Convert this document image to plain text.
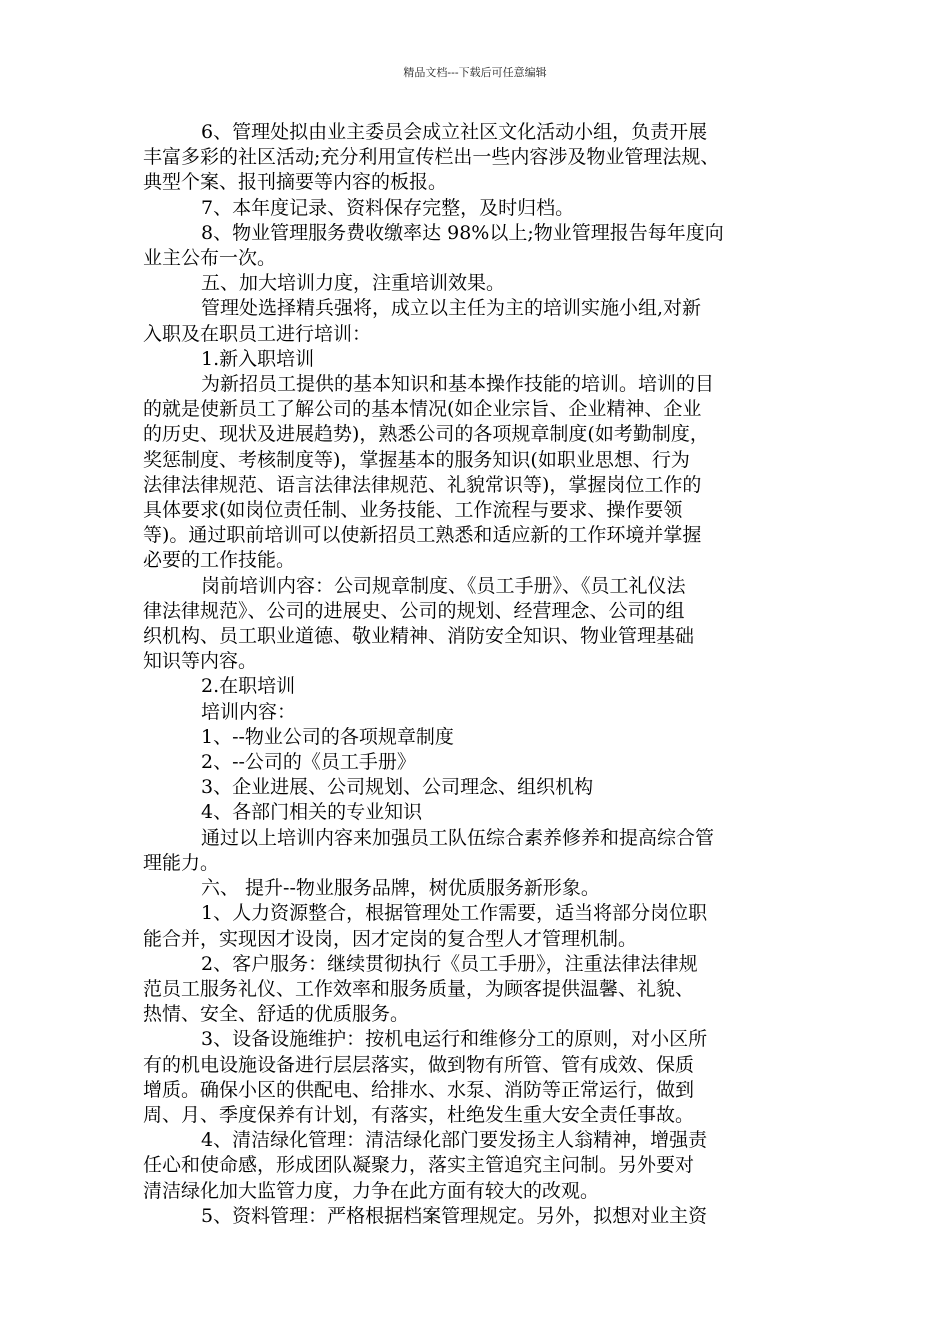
精品文档---下载后可任意编辑

6、管理处拟由业主委员会成立社区文化活动小组，负责开展

丰富多彩的社区活动;充分利用宣传栏出一些内容涉及物业管理法规、

典型个案、报刊摘要等内容的板报。

7、本年度记录、资料保存完整，及时归档。

8、物业管理服务费收缴率达 98%以上;物业管理报告每年度向

业主公布一次。

五、加大培训力度，注重培训效果。

管理处选择精兵强将，成立以主任为主的培训实施小组,对新

入职及在职员工进行培训：

1.新入职培训

为新招员工提供的基本知识和基本操作技能的培训。培训的目

的就是使新员工了解公司的基本情况(如企业宗旨、企业精神、企业

的历史、现状及进展趋势)，熟悉公司的各项规章制度(如考勤制度，

奖惩制度、考核制度等)，掌握基本的服务知识(如职业思想、行为

法律法律规范、语言法律法律规范、礼貌常识等)，掌握岗位工作的

具体要求(如岗位责任制、业务技能、工作流程与要求、操作要领

等)。通过职前培训可以使新招员工熟悉和适应新的工作环境并掌握

必要的工作技能。

岗前培训内容：公司规章制度、《员工手册》、《员工礼仪法

律法律规范》、公司的进展史、公司的规划、经营理念、公司的组

织机构、员工职业道德、敬业精神、消防安全知识、物业管理基础

知识等内容。

2.在职培训

培训内容：

1、--物业公司的各项规章制度

2、--公司的《员工手册》

3、企业进展、公司规划、公司理念、组织机构

4、各部门相关的专业知识

通过以上培训内容来加强员工队伍综合素养修养和提高综合管

理能力。

六、 提升--物业服务品牌，树优质服务新形象。

1、人力资源整合，根据管理处工作需要，适当将部分岗位职

能合并，实现因才设岗，因才定岗的复合型人才管理机制。

2、客户服务：继续贯彻执行《员工手册》，注重法律法律规

范员工服务礼仪、工作效率和服务质量，为顾客提供温馨、礼貌、

热情、安全、舒适的优质服务。

3、设备设施维护：按机电运行和维修分工的原则，对小区所

有的机电设施设备进行层层落实，做到物有所管、管有成效、保质

增质。确保小区的供配电、给排水、水泵、消防等正常运行，做到

周、月、季度保养有计划，有落实，杜绝发生重大安全责任事故。

4、清洁绿化管理：清洁绿化部门要发扬主人翁精神，增强责

任心和使命感，形成团队凝聚力，落实主管追究主问制。另外要对

清洁绿化加大监管力度，力争在此方面有较大的改观。

5、资料管理：严格根据档案管理规定。另外，拟想对业主资
